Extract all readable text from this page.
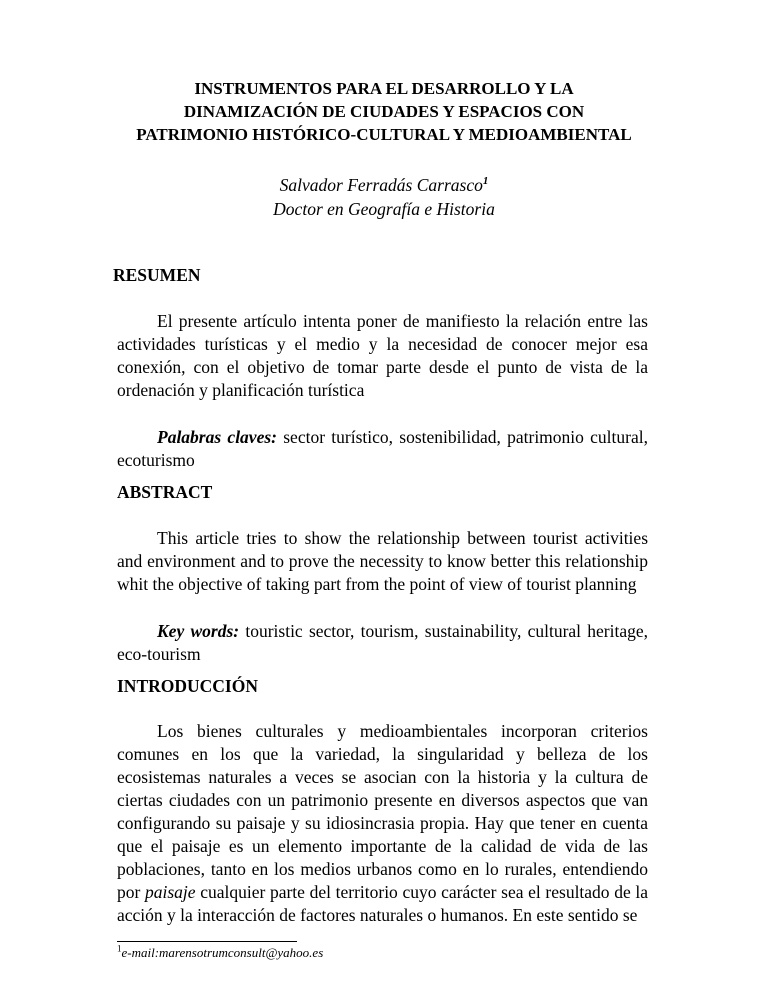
INSTRUMENTOS PARA EL DESARROLLO Y LA
DINAMIZACIÓN DE CIUDADES Y ESPACIOS CON
PATRIMONIO HISTÓRICO-CULTURAL Y MEDIOAMBIENTAL
Salvador Ferradás Carrasco$^1$
Doctor en Geografía e Historia
RESUMEN

El presente artículo intenta poner de manifiesto la relación entre las actividades turísticas y el medio y la necesidad de conocer mejor esa conexión, con el objetivo de tomar parte desde el punto de vista de la ordenación y planificación turística

Palabras claves: sector turístico, sostenibilidad, patrimonio cultural, ecoturismo

ABSTRACT

This article tries to show the relationship between tourist activities and environment and to prove the necessity to know better this relationship whit the objective of taking part from the point of view of tourist planning

Key words: touristic sector, tourism, sustainability, cultural heritage, eco-tourism

INTRODUCCIÓN

Los bienes culturales y medioambientales incorporan criterios comunes en los que la variedad, la singularidad y belleza de los ecosistemas naturales a veces se asocian con la historia y la cultura de ciertas ciudades con un patrimonio presente en diversos aspectos que van configurando su paisaje y su idiosincrasia propia. Hay que tener en cuenta que el paisaje es un elemento importante de la calidad de vida de las poblaciones, tanto en los medios urbanos como en lo rurales, entendiendo por paisaje cualquier parte del territorio cuyo carácter sea el resultado de la acción y la interacción de factores naturales o humanos. En este sentido se

$^1$e-mail:marensotrumconsult@yahoo.es
